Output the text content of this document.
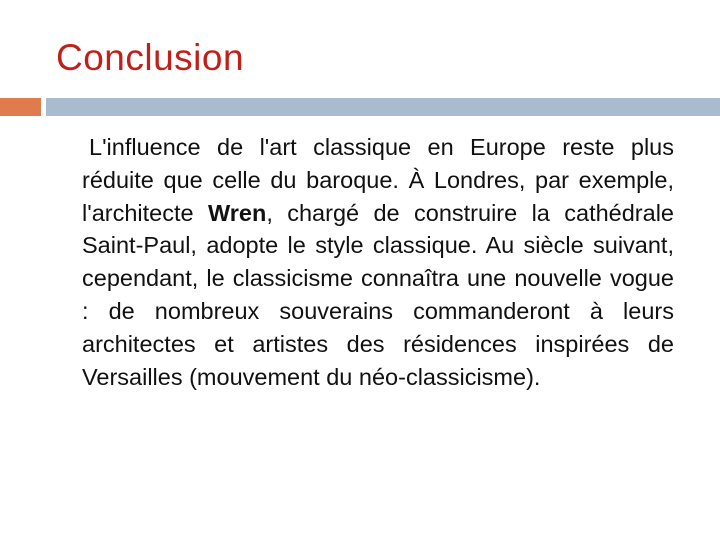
Conclusion

L'influence de l'art classique en Europe reste plus réduite que celle du baroque. À Londres, par exemple, l'architecte Wren, chargé de construire la cathédrale Saint-Paul, adopte le style classique. Au siècle suivant, cependant, le classicisme connaîtra une nouvelle vogue : de nombreux souverains commanderont à leurs architectes et artistes des résidences inspirées de Versailles (mouvement du néo-classicisme).
